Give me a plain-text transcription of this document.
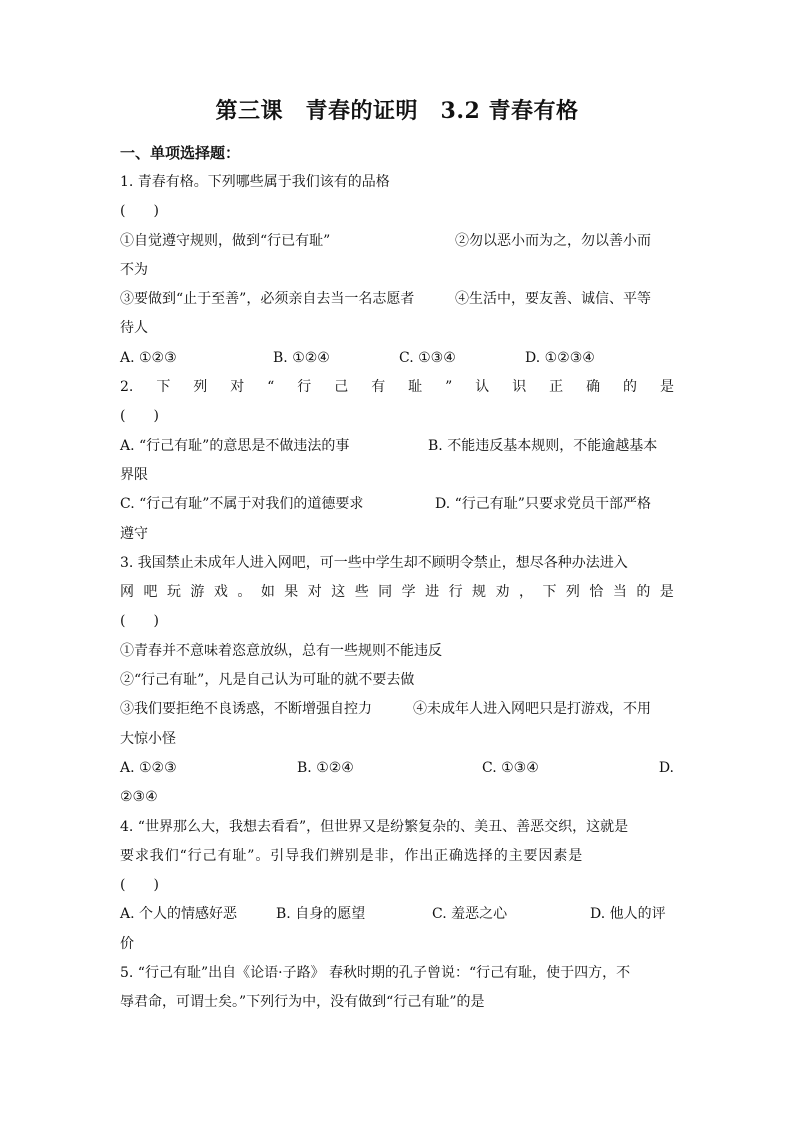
第三课　青春的证明　3.2 青春有格
一、单项选择题：
1. 青春有格。下列哪些属于我们该有的品格
(　　)
①自觉遵守规则，做到“行已有耻”	②勿以恶小而为之，勿以善小而
不为
③要做到“止于至善”，必须亲自去当一名志愿者	④生活中，要友善、诚信、平等
待人
A. ①②③	B. ①②④	C. ①③④	D. ①②③④
2. 下 列 对 “ 行 己 有 耻 ” 认 识 正 确 的 是
(　　)
A. “行己有耻”的意思是不做违法的事	B. 不能违反基本规则，不能逾越基本
界限
C. “行己有耻”不属于对我们的道德要求	D. “行己有耻”只要求党员干部严格
遵守
3. 我国禁止未成年人进入网吧，可一些中学生却不顾明令禁止，想尽各种办法进入
网 吧 玩 游 戏 。 如 果 对 这 些 同 学 进 行 规 劝 ， 下 列 恰 当 的 是
(　　)
①青春并不意味着恣意放纵，总有一些规则不能违反
②“行己有耻”，凡是自己认为可耻的就不要去做
③我们要拒绝不良诱惑，不断增强自控力	④未成年人进入网吧只是打游戏，不用
大惊小怪
A. ①②③	B. ①②④	C. ①③④	D.
②③④
4. “世界那么大，我想去看看”，但世界又是纷繁复杂的、美丑、善恶交织，这就是
要求我们“行己有耻”。引导我们辨别是非，作出正确选择的主要因素是
(　　)
A. 个人的情感好恶	B. 自身的愿望	C. 羞恶之心	D. 他人的评
价
5. “行己有耻”出自《论语·子路》 春秋时期的孔子曾说：“行己有耻，使于四方，不
辱君命，可谓士矣。”下列行为中，没有做到“行己有耻”的是
